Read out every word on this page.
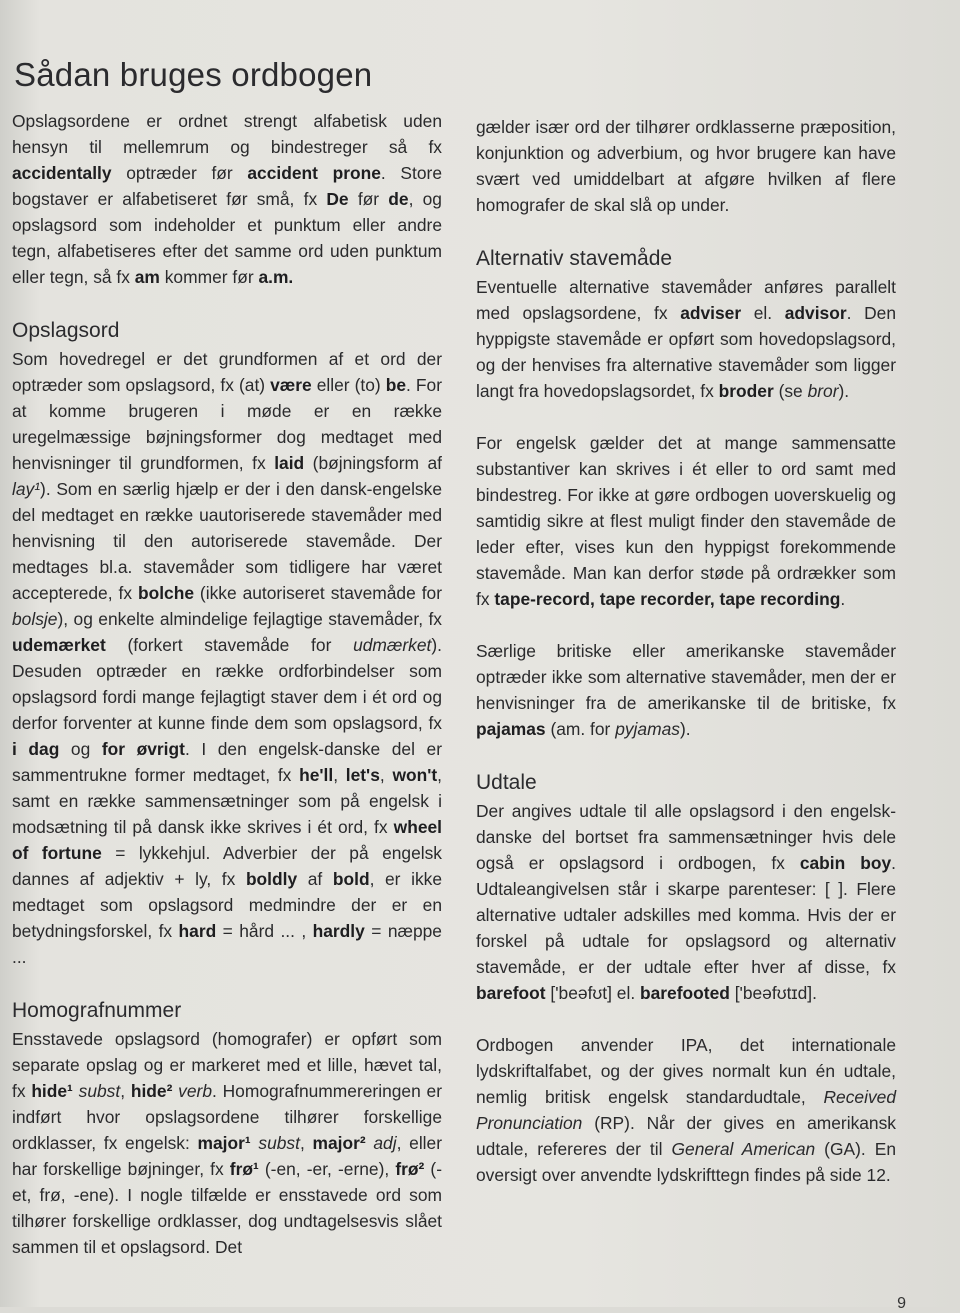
Sådan bruges ordbogen

Opslagsordene er ordnet strengt alfabetisk uden hensyn til mellemrum og bindestreger så fx accidentally optræder før accident prone. Store bogstaver er alfabetiseret før små, fx De før de, og opslagsord som indeholder et punktum eller andre tegn, alfabetiseres efter det samme ord uden punktum eller tegn, så fx am kommer før a.m.

Opslagsord

Som hovedregel er det grundformen af et ord der optræder som opslagsord, fx (at) være eller (to) be. For at komme brugeren i møde er en række uregelmæssige bøjningsformer dog medtaget med henvisninger til grundformen, fx laid (bøjningsform af lay¹). Som en særlig hjælp er der i den dansk-engelske del medtaget en række uautoriserede stavemåder med henvisning til den autoriserede stavemåde. Der medtages bl.a. stavemåder som tidligere har været accepterede, fx bolche (ikke autoriseret stavemåde for bolsje), og enkelte almindelige fejlagtige stavemåder, fx udemærket (forkert stavemåde for udmærket). Desuden optræder en række ordforbindelser som opslagsord fordi mange fejlagtigt staver dem i ét ord og derfor forventer at kunne finde dem som opslagsord, fx i dag og for øvrigt. I den engelsk-danske del er sammentrukne former medtaget, fx he'll, let's, won't, samt en række sammensætninger som på engelsk i modsætning til på dansk ikke skrives i ét ord, fx wheel of fortune = lykkehjul. Adverbier der på engelsk dannes af adjektiv + ly, fx boldly af bold, er ikke medtaget som opslagsord medmindre der er en betydningsforskel, fx hard = hård ... , hardly = næppe ...

Homografnummer

Ensstavede opslagsord (homografer) er opført som separate opslag og er markeret med et lille, hævet tal, fx hide¹ subst, hide² verb. Homografnummereringen er indført hvor opslagsordene tilhører forskellige ordklasser, fx engelsk: major¹ subst, major² adj, eller har forskellige bøjninger, fx frø¹ (-en, -er, -erne), frø² (-et, frø, -ene). I nogle tilfælde er ensstavede ord som tilhører forskellige ordklasser, dog undtagelsesvis slået sammen til et opslagsord. Det

gælder især ord der tilhører ordklasserne præposition, konjunktion og adverbium, og hvor brugere kan have svært ved umiddelbart at afgøre hvilken af flere homografer de skal slå op under.

Alternativ stavemåde

Eventuelle alternative stavemåder anføres parallelt med opslagsordene, fx adviser el. advisor. Den hyppigste stavemåde er opført som hovedopslagsord, og der henvises fra alternative stavemåder som ligger langt fra hovedopslagsordet, fx broder (se bror).

For engelsk gælder det at mange sammensatte substantiver kan skrives i ét eller to ord samt med bindestreg. For ikke at gøre ordbogen uoverskuelig og samtidig sikre at flest muligt finder den stavemåde de leder efter, vises kun den hyppigst forekommende stavemåde. Man kan derfor støde på ordrækker som fx tape-record, tape recorder, tape recording.

Særlige britiske eller amerikanske stavemåder optræder ikke som alternative stavemåder, men der er henvisninger fra de amerikanske til de britiske, fx pajamas (am. for pyjamas).

Udtale

Der angives udtale til alle opslagsord i den engelsk-danske del bortset fra sammensætninger hvis dele også er opslagsord i ordbogen, fx cabin boy. Udtaleangivelsen står i skarpe parenteser: [ ]. Flere alternative udtaler adskilles med komma. Hvis der er forskel på udtale for opslagsord og alternativ stavemåde, er der udtale efter hver af disse, fx barefoot ['beəfʊt] el. barefooted ['beəfʊtɪd].

Ordbogen anvender IPA, det internationale lydskriftalfabet, og der gives normalt kun én udtale, nemlig britisk engelsk standardudtale, Received Pronunciation (RP). Når der gives en amerikansk udtale, refereres der til General American (GA). En oversigt over anvendte lydskrifttegn findes på side 12.

9
